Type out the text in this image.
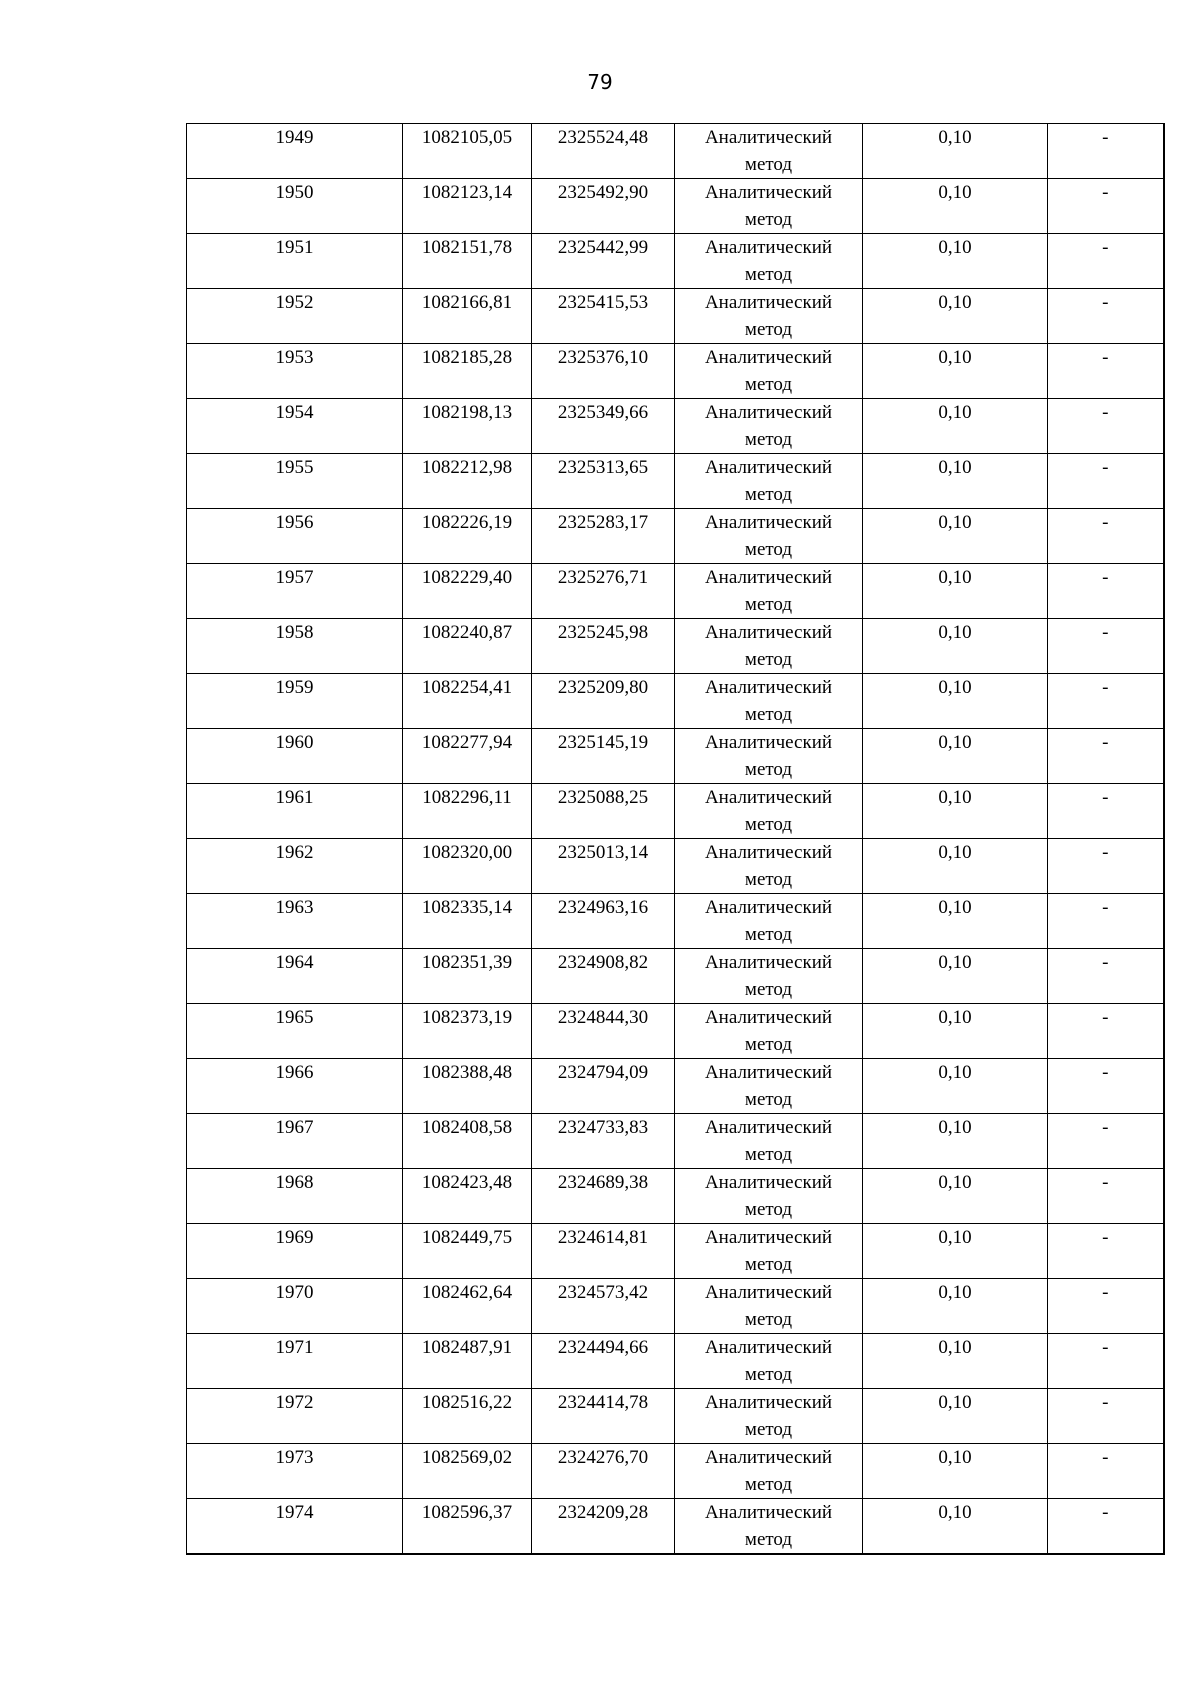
79
1949	1082105,05	2325524,48	Аналитический
метод	0,10	-
1950	1082123,14	2325492,90	Аналитический
метод	0,10	-
1951	1082151,78	2325442,99	Аналитический
метод	0,10	-
1952	1082166,81	2325415,53	Аналитический
метод	0,10	-
1953	1082185,28	2325376,10	Аналитический
метод	0,10	-
1954	1082198,13	2325349,66	Аналитический
метод	0,10	-
1955	1082212,98	2325313,65	Аналитический
метод	0,10	-
1956	1082226,19	2325283,17	Аналитический
метод	0,10	-
1957	1082229,40	2325276,71	Аналитический
метод	0,10	-
1958	1082240,87	2325245,98	Аналитический
метод	0,10	-
1959	1082254,41	2325209,80	Аналитический
метод	0,10	-
1960	1082277,94	2325145,19	Аналитический
метод	0,10	-
1961	1082296,11	2325088,25	Аналитический
метод	0,10	-
1962	1082320,00	2325013,14	Аналитический
метод	0,10	-
1963	1082335,14	2324963,16	Аналитический
метод	0,10	-
1964	1082351,39	2324908,82	Аналитический
метод	0,10	-
1965	1082373,19	2324844,30	Аналитический
метод	0,10	-
1966	1082388,48	2324794,09	Аналитический
метод	0,10	-
1967	1082408,58	2324733,83	Аналитический
метод	0,10	-
1968	1082423,48	2324689,38	Аналитический
метод	0,10	-
1969	1082449,75	2324614,81	Аналитический
метод	0,10	-
1970	1082462,64	2324573,42	Аналитический
метод	0,10	-
1971	1082487,91	2324494,66	Аналитический
метод	0,10	-
1972	1082516,22	2324414,78	Аналитический
метод	0,10	-
1973	1082569,02	2324276,70	Аналитический
метод	0,10	-
1974	1082596,37	2324209,28	Аналитический
метод	0,10	-
